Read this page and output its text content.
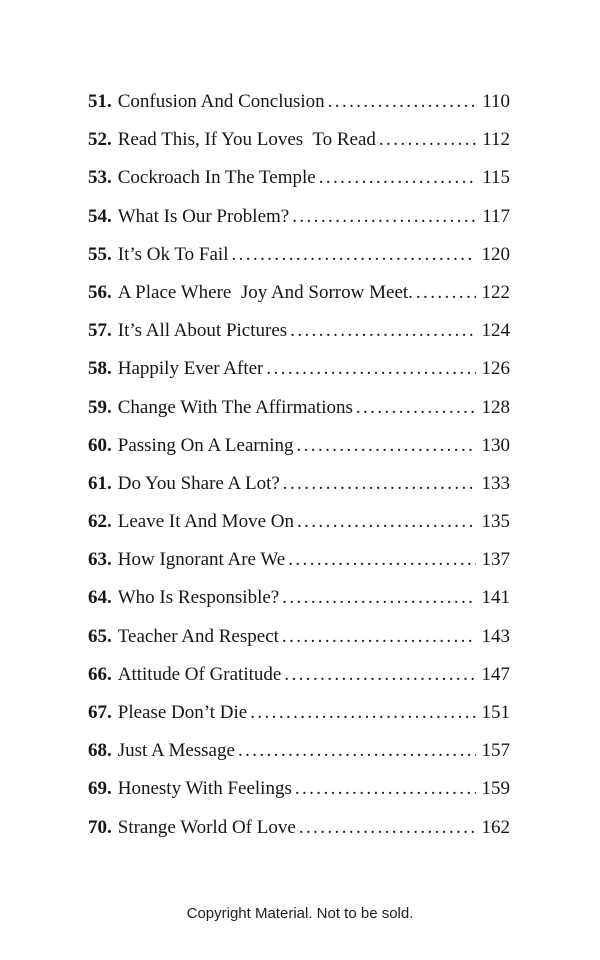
51. Confusion And Conclusion .....	110
52. Read This, If You Loves  To Read .....	112
53. Cockroach In The Temple .....	115
54. What Is Our Problem? .....	117
55. It’s Ok To Fail .....	120
56. A Place Where  Joy And Sorrow Meet. .....	122
57. It’s All About Pictures .....	124
58. Happily Ever After .....	126
59. Change With The Affirmations .....	128
60. Passing On A Learning .....	130
61. Do You Share A Lot? .....	133
62. Leave It And Move On .....	135
63. How Ignorant Are We .....	137
64. Who Is Responsible? .....	141
65. Teacher And Respect .....	143
66. Attitude Of Gratitude .....	147
67. Please Don’t Die .....	151
68. Just A Message .....	157
69. Honesty With Feelings .....	159
70. Strange World Of Love .....	162
Copyright Material. Not to be sold.
